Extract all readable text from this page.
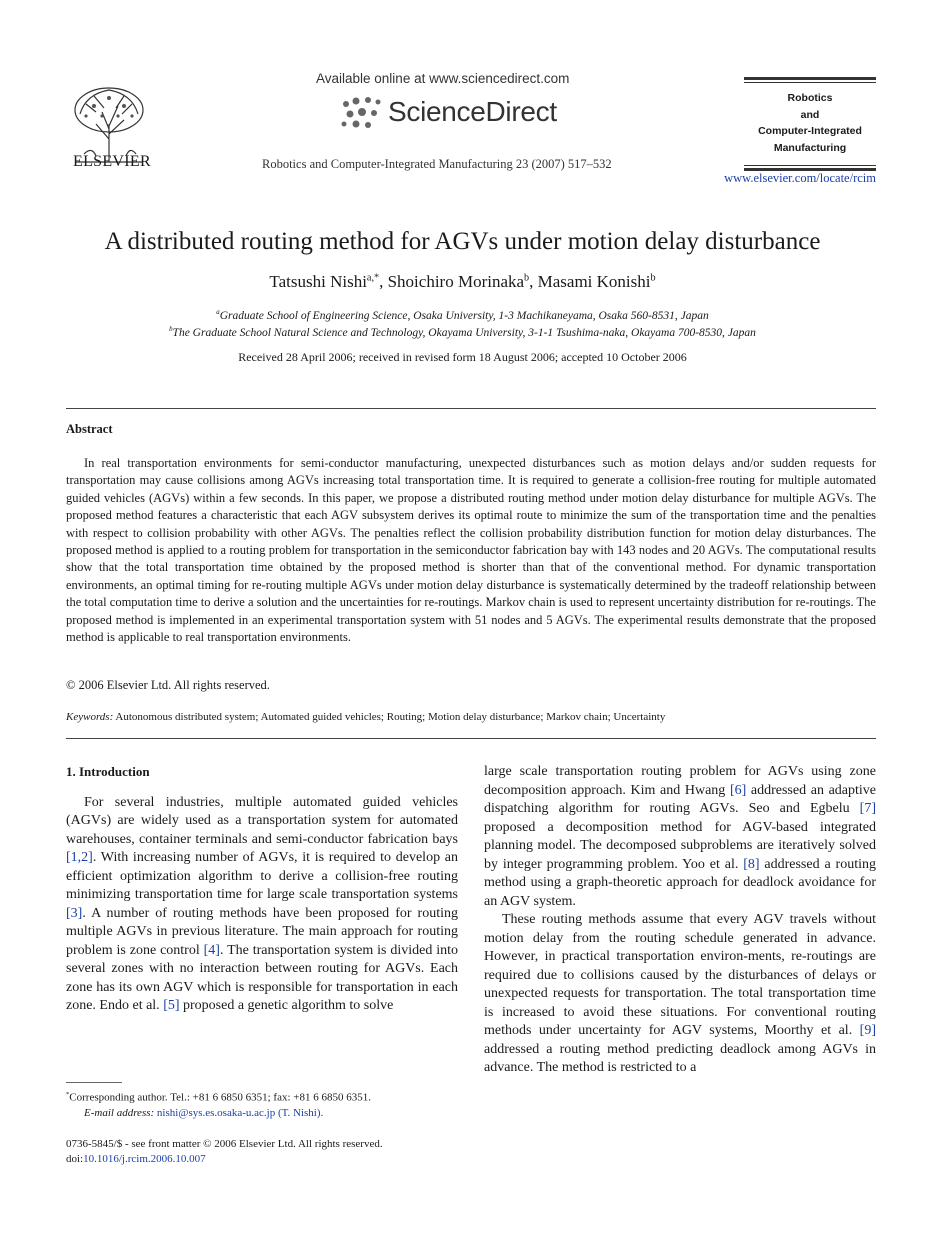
ELSEVIER
Available online at www.sciencedirect.com
ScienceDirect
Robotics and Computer-Integrated Manufacturing 23 (2007) 517–532
Robotics
and
Computer-Integrated
Manufacturing
www.elsevier.com/locate/rcim
A distributed routing method for AGVs under motion delay disturbance
Tatsushi Nishi$^{a,*}$, Shoichiro Morinaka$^b$, Masami Konishi$^b$
$^a$Graduate School of Engineering Science, Osaka University, 1-3 Machikaneyama, Osaka 560-8531, Japan
$^b$The Graduate School Natural Science and Technology, Okayama University, 3-1-1 Tsushima-naka, Okayama 700-8530, Japan
Received 28 April 2006; received in revised form 18 August 2006; accepted 10 October 2006
Abstract
In real transportation environments for semi-conductor manufacturing, unexpected disturbances such as motion delays and/or sudden requests for transportation may cause collisions among AGVs increasing total transportation time. It is required to generate a collision-free routing for multiple automated guided vehicles (AGVs) within a few seconds. In this paper, we propose a distributed routing method under motion delay disturbance for multiple AGVs. The proposed method features a characteristic that each AGV subsystem derives its optimal route to minimize the sum of the transportation time and the penalties with respect to collision probability with other AGVs. The penalties reflect the collision probability distribution function for motion delay disturbances. The proposed method is applied to a routing problem for transportation in the semiconductor fabrication bay with 143 nodes and 20 AGVs. The computational results show that the total transportation time obtained by the proposed method is shorter than that of the conventional method. For dynamic transportation environments, an optimal timing for re-routing multiple AGVs under motion delay disturbance is systematically determined by the tradeoff relationship between the total computation time to derive a solution and the uncertainties for re-routings. Markov chain is used to represent uncertainty distribution for re-routings. The proposed method is implemented in an experimental transportation system with 51 nodes and 5 AGVs. The experimental results demonstrate that the proposed method is applicable to real transportation environments.
© 2006 Elsevier Ltd. All rights reserved.
Keywords: Autonomous distributed system; Automated guided vehicles; Routing; Motion delay disturbance; Markov chain; Uncertainty
1. Introduction

For several industries, multiple automated guided vehicles (AGVs) are widely used as a transportation system for automated warehouses, container terminals and semi-conductor fabrication bays [1,2]. With increasing number of AGVs, it is required to develop an efficient optimization algorithm to derive a collision-free routing minimizing transportation time for large scale transportation systems [3]. A number of routing methods have been proposed for routing multiple AGVs in previous literature. The main approach for routing problem is zone control [4]. The transportation system is divided into several zones with no interaction between routing for AGVs. Each zone has its own AGV which is responsible for transportation in each zone. Endo et al. [5] proposed a genetic algorithm to solve

large scale transportation routing problem for AGVs using zone decomposition approach. Kim and Hwang [6] addressed an adaptive dispatching algorithm for routing AGVs. Seo and Egbelu [7] proposed a decomposition method for AGV-based integrated planning model. The decomposed subproblems are iteratively solved by integer programming problem. Yoo et al. [8] addressed a routing method using a graph-theoretic approach for deadlock avoidance for an AGV system.

These routing methods assume that every AGV travels without motion delay from the routing schedule generated in advance. However, in practical transportation environ-ments, re-routings are required due to collisions caused by the disturbances of delays or unexpected requests for transportation. The total transportation time is increased to avoid these situations. For conventional routing methods under uncertainty for AGV systems, Moorthy et al. [9] addressed a routing method predicting deadlock among AGVs in advance. The method is restricted to a

*Corresponding author. Tel.: +81 6 6850 6351; fax: +81 6 6850 6351.
E-mail address: nishi@sys.es.osaka-u.ac.jp (T. Nishi).
0736-5845/$ - see front matter © 2006 Elsevier Ltd. All rights reserved.
doi:10.1016/j.rcim.2006.10.007
